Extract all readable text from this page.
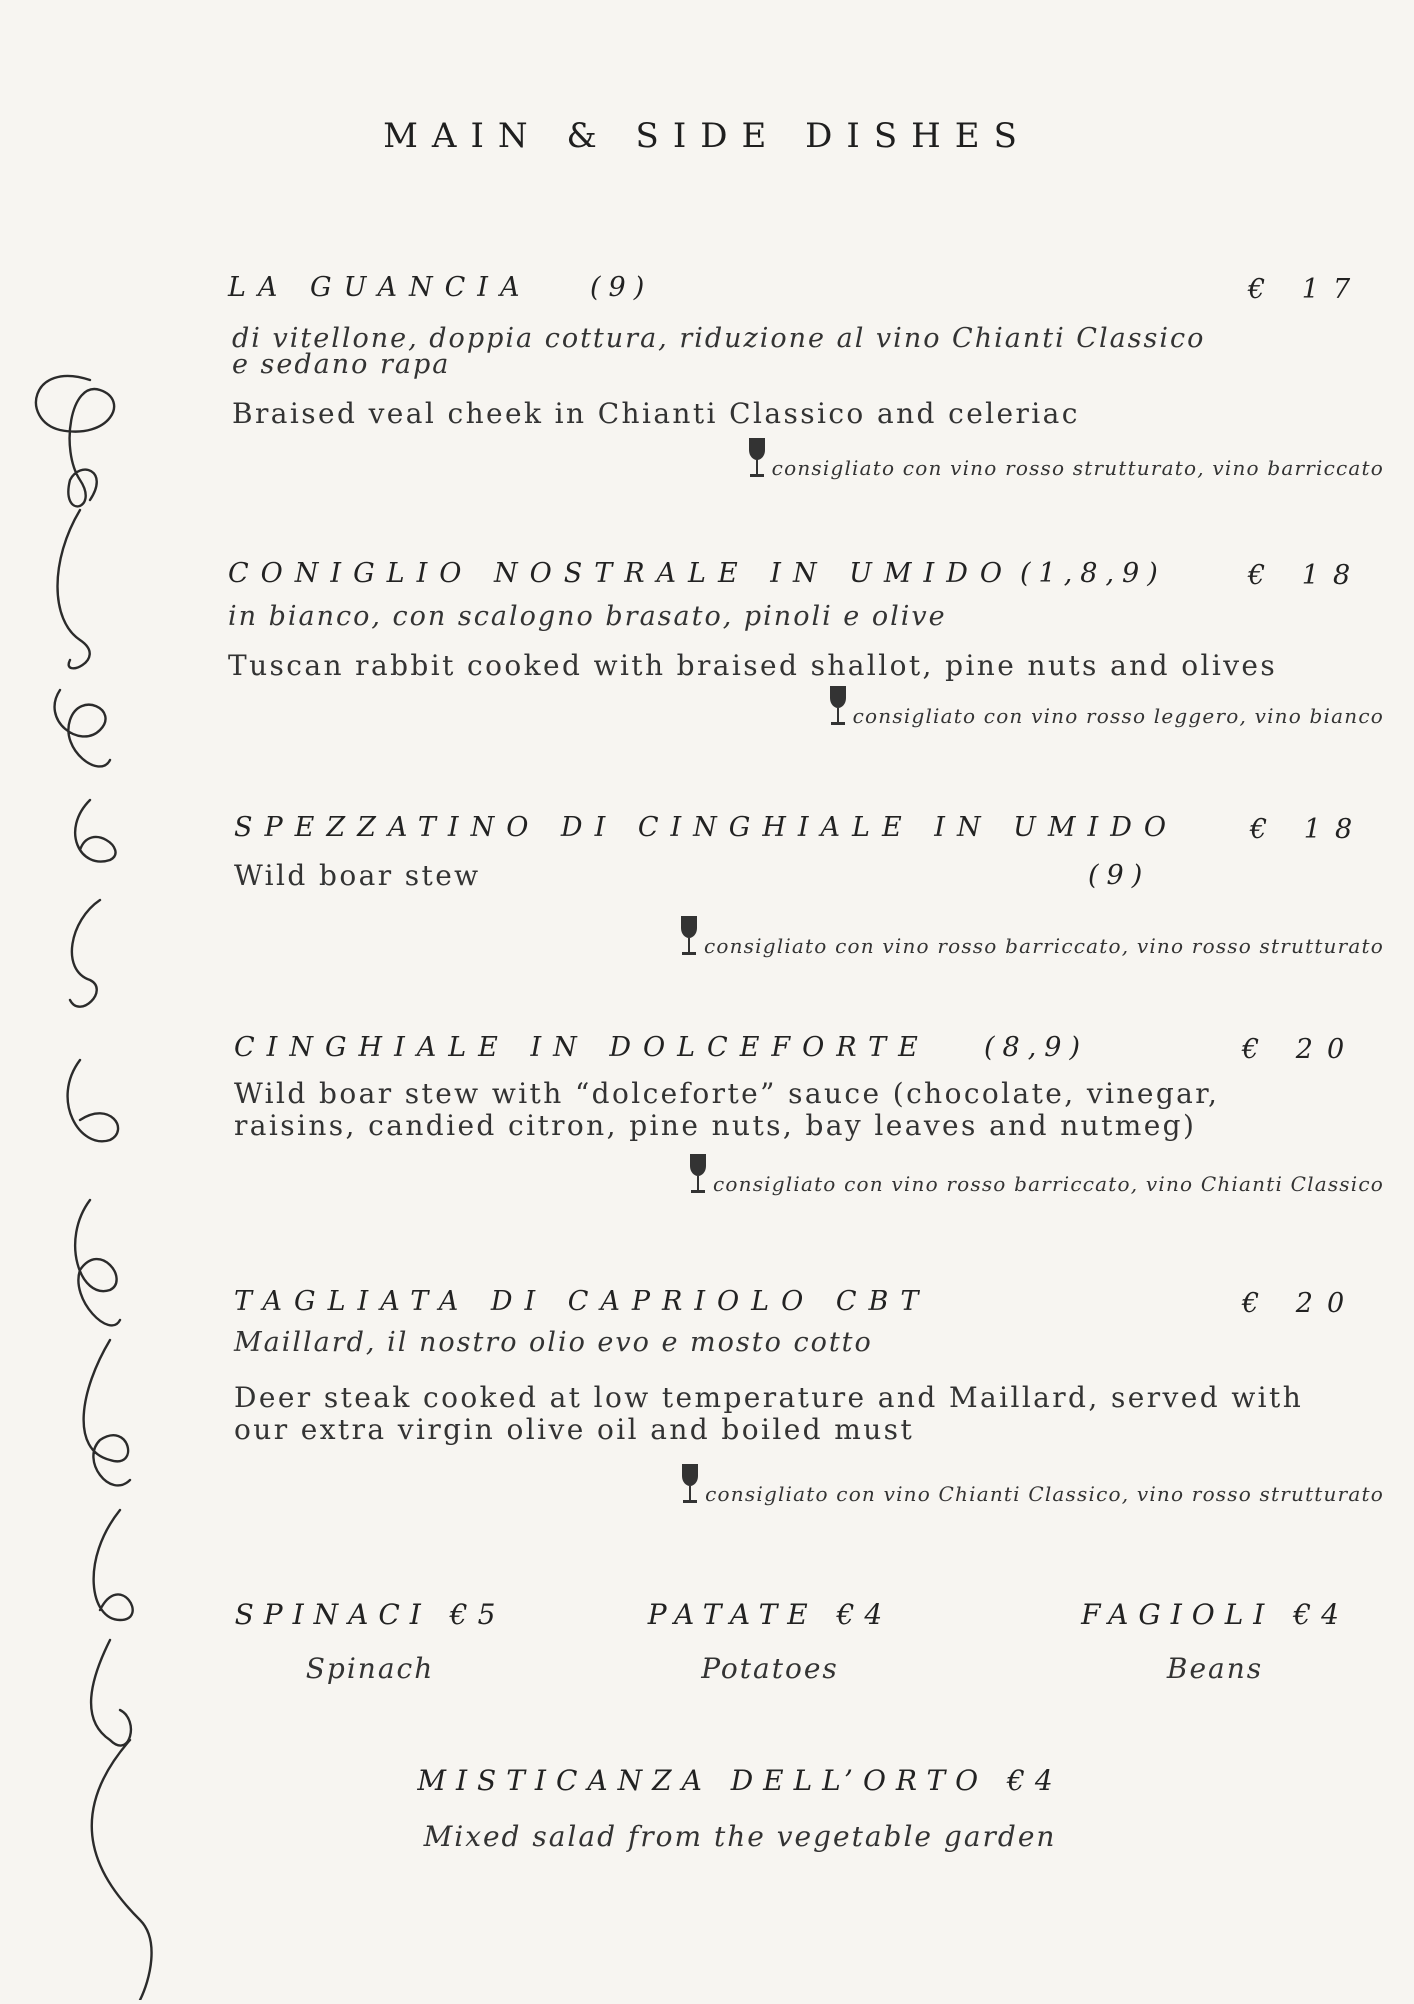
MAIN & SIDE DISHES
LA GUANCIA (9)	€ 17
di vitellone, doppia cottura, riduzione al vino Chianti Classico
e sedano rapa
Braised veal cheek in Chianti Classico and celeriac
consigliato con vino rosso strutturato, vino barriccato
CONIGLIO NOSTRALE IN UMIDO (1,8,9)	€ 18
in bianco, con scalogno brasato, pinoli e olive
Tuscan rabbit cooked with braised shallot, pine nuts and olives
consigliato con vino rosso leggero, vino bianco
SPEZZATINO DI CINGHIALE IN UMIDO	€ 18
Wild boar stew	(9)
consigliato con vino rosso barriccato, vino rosso strutturato
CINGHIALE IN DOLCEFORTE (8,9)	€ 20
Wild boar stew with “dolceforte” sauce (chocolate, vinegar,
raisins, candied citron, pine nuts, bay leaves and nutmeg)
consigliato con vino rosso barriccato, vino Chianti Classico
TAGLIATA DI CAPRIOLO CBT	€ 20
Maillard, il nostro olio evo e mosto cotto
Deer steak cooked at low temperature and Maillard, served with
our extra virgin olive oil and boiled must
consigliato con vino Chianti Classico, vino rosso strutturato
SPINACI €5
Spinach
PATATE €4
Potatoes
FAGIOLI €4
Beans
MISTICANZA DELL’ORTO €4
Mixed salad from the vegetable garden
